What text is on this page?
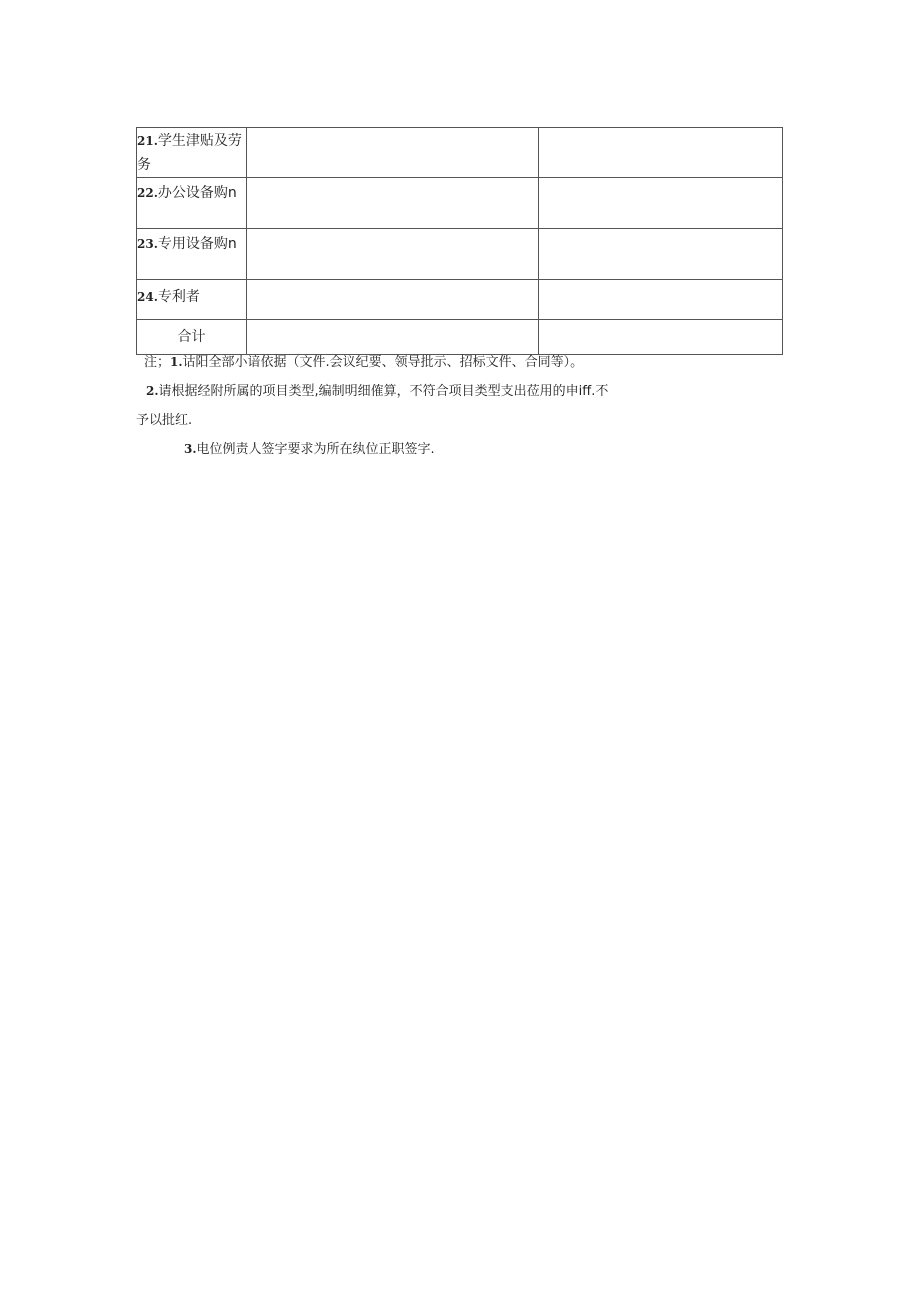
21.学生津贴及劳务		
22.办公设备购n		
23.专用设备购n		
24.专利者		
合计		
注；1.诂阳全部小谙依据（文件.会议纪要、领导批示、招标文件、合同等）。
2.请根据经附所属的项目类型,编制明细傕算，不符合项目类型支出莅用的申iff.不
予以批红.
3.电位例责人签字要求为所在纨位正职签字.
